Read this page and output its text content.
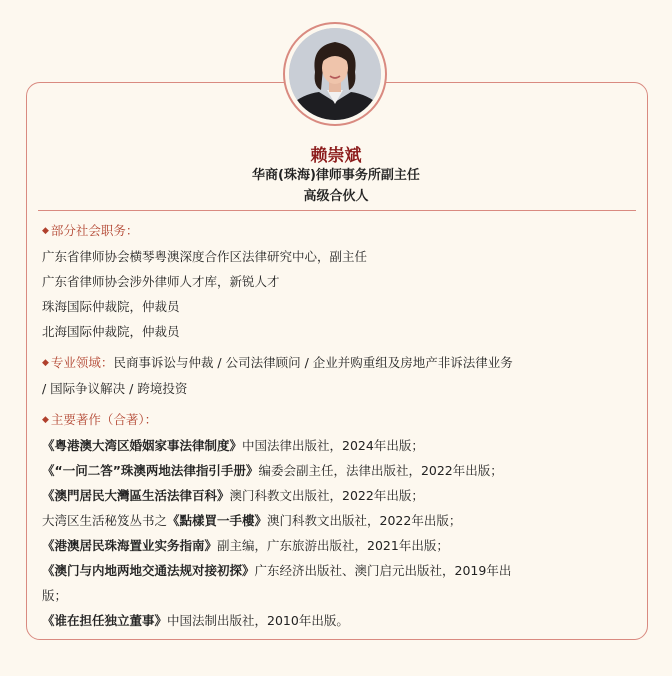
赖崇斌
华商(珠海)律师事务所副主任
高级合伙人
◆ 部分社会职务：
广东省律师协会横琴粤澳深度合作区法律研究中心，副主任
广东省律师协会涉外律师人才库，新锐人才
珠海国际仲裁院，仲裁员
北海国际仲裁院，仲裁员
◆ 专业领域：民商事诉讼与仲裁 / 公司法律顾问 / 企业并购重组及房地产非诉法律业务
/ 国际争议解决 / 跨境投资
◆ 主要著作（合著）：
《粤港澳大湾区婚姻家事法律制度》中国法律出版社，2024年出版；
《“一问二答”珠澳两地法律指引手册》编委会副主任，法律出版社，2022年出版；
《澳門居民大灣區生活法律百科》澳门科教文出版社，2022年出版；
大湾区生活秘笈丛书之《點樣買一手樓》澳门科教文出版社，2022年出版；
《港澳居民珠海置业实务指南》副主编，广东旅游出版社，2021年出版；
《澳门与内地两地交通法规对接初探》广东经济出版社、澳门启元出版社，2019年出
版；
《谁在担任独立董事》中国法制出版社，2010年出版。
